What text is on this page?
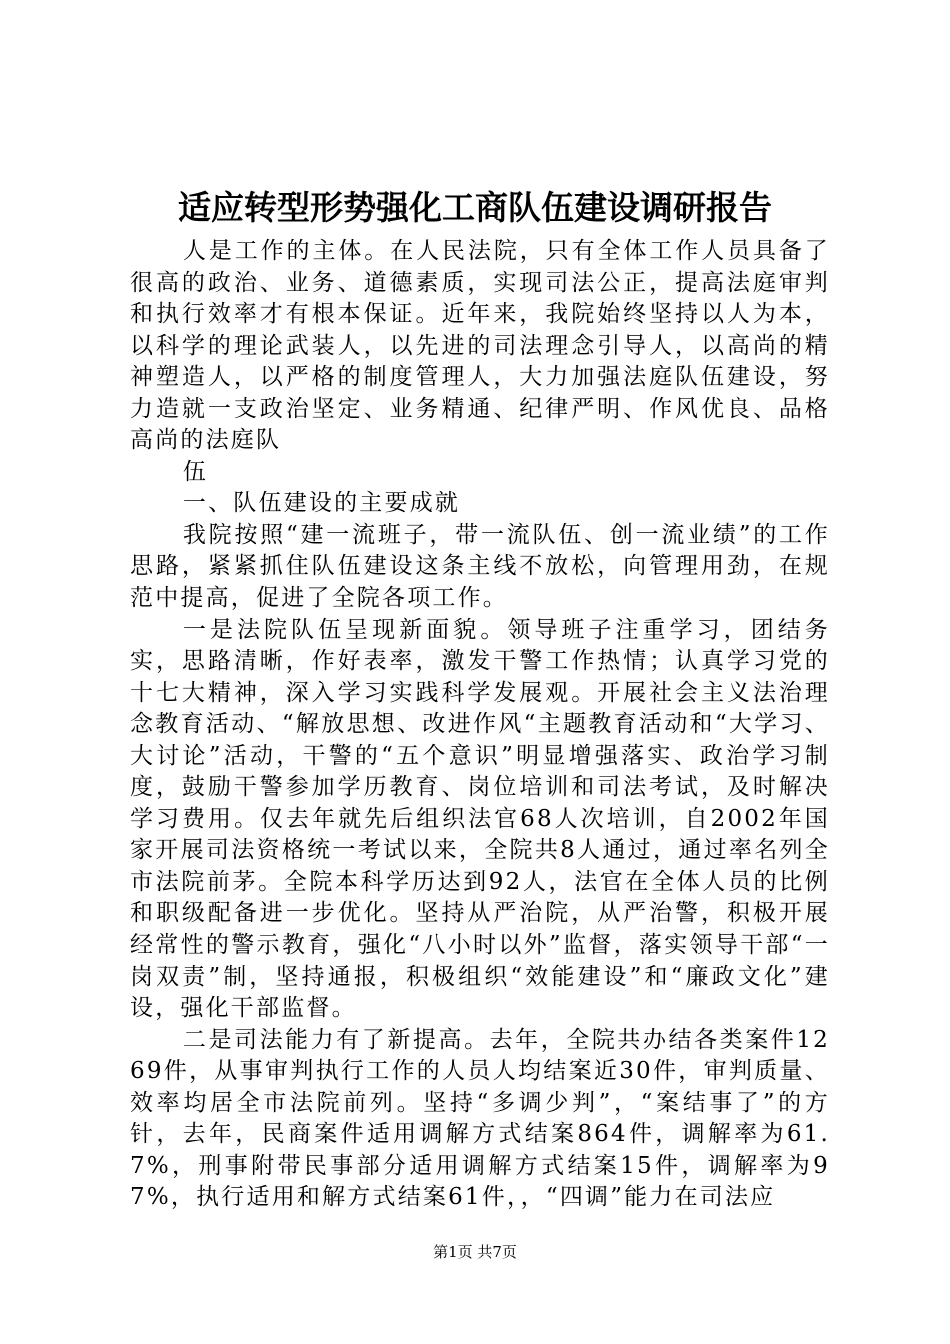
适应转型形势强化工商队伍建设调研报告

人是工作的主体。在人民法院，只有全体工作人员具备了很高的政治、业务、道德素质，实现司法公正，提高法庭审判和执行效率才有根本保证。近年来，我院始终坚持以人为本，以科学的理论武装人，以先进的司法理念引导人，以高尚的精神塑造人，以严格的制度管理人，大力加强法庭队伍建设，努力造就一支政治坚定、业务精通、纪律严明、作风优良、品格高尚的法庭队

伍

一、队伍建设的主要成就

我院按照“建一流班子，带一流队伍、创一流业绩”的工作思路，紧紧抓住队伍建设这条主线不放松，向管理用劲，在规范中提高，促进了全院各项工作。

一是法院队伍呈现新面貌。领导班子注重学习，团结务实，思路清晰，作好表率，激发干警工作热情；认真学习党的十七大精神，深入学习实践科学发展观。开展社会主义法治理念教育活动、“解放思想、改进作风“主题教育活动和“大学习、大讨论”活动，干警的“五个意识”明显增强落实、政治学习制度，鼓励干警参加学历教育、岗位培训和司法考试，及时解决学习费用。仅去年就先后组织法官68人次培训，自2002年国家开展司法资格统一考试以来，全院共8人通过，通过率名列全市法院前茅。全院本科学历达到92人，法官在全体人员的比例和职级配备进一步优化。坚持从严治院，从严治警，积极开展经常性的警示教育，强化“八小时以外”监督，落实领导干部“一岗双责”制，坚持通报，积极组织“效能建设”和“廉政文化”建设，强化干部监督。

二是司法能力有了新提高。去年，全院共办结各类案件1269件，从事审判执行工作的人员人均结案近30件，审判质量、效率均居全市法院前列。坚持“多调少判”，“案结事了”的方针，去年，民商案件适用调解方式结案864件，调解率为61.7%，刑事附带民事部分适用调解方式结案15件，调解率为97%，执行适用和解方式结案61件，，“四调”能力在司法应

第1页 共7页
